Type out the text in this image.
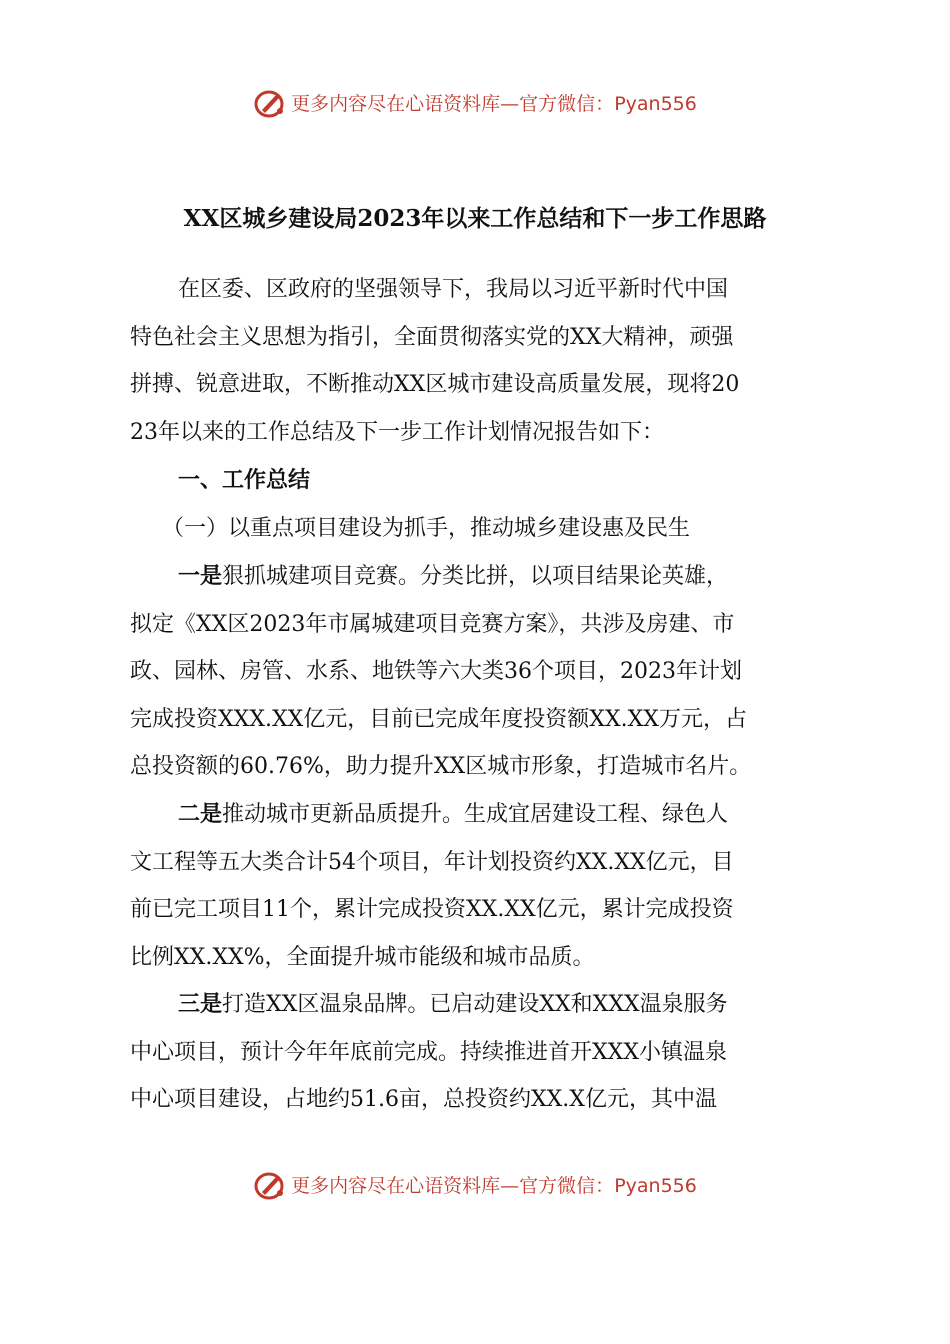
更多内容尽在心语资料库 — 官方微信： Pyan556
XX区城乡建设局2023年以来工作总结和下一步工作思路
在区委、区政府的坚强领导下，我局以习近平新时代中国
特色社会主义思想为指引，全面贯彻落实党的XX大精神，顽强
拼搏、锐意进取，不断推动XX区城市建设高质量发展，现将20
23年以来的工作总结及下一步工作计划情况报告如下：
一、工作总结
（一）以重点项目建设为抓手，推动城乡建设惠及民生
一是狠抓城建项目竞赛。分类比拼，以项目结果论英雄，
拟定《XX区2023年市属城建项目竞赛方案》，共涉及房建、市
政、园林、房管、水系、地铁等六大类36个项目，2023年计划
完成投资XXX.XX亿元，目前已完成年度投资额XX.XX万元，占
总投资额的60.76%，助力提升XX区城市形象，打造城市名片。
二是推动城市更新品质提升。生成宜居建设工程、绿色人
文工程等五大类合计54个项目，年计划投资约XX.XX亿元，目
前已完工项目11个，累计完成投资XX.XX亿元，累计完成投资
比例XX.XX%，全面提升城市能级和城市品质。
三是打造XX区温泉品牌。已启动建设XX和XXX温泉服务
中心项目，预计今年年底前完成。持续推进首开XXX小镇温泉
中心项目建设，占地约51.6亩，总投资约XX.X亿元，其中温
更多内容尽在心语资料库 — 官方微信： Pyan556
